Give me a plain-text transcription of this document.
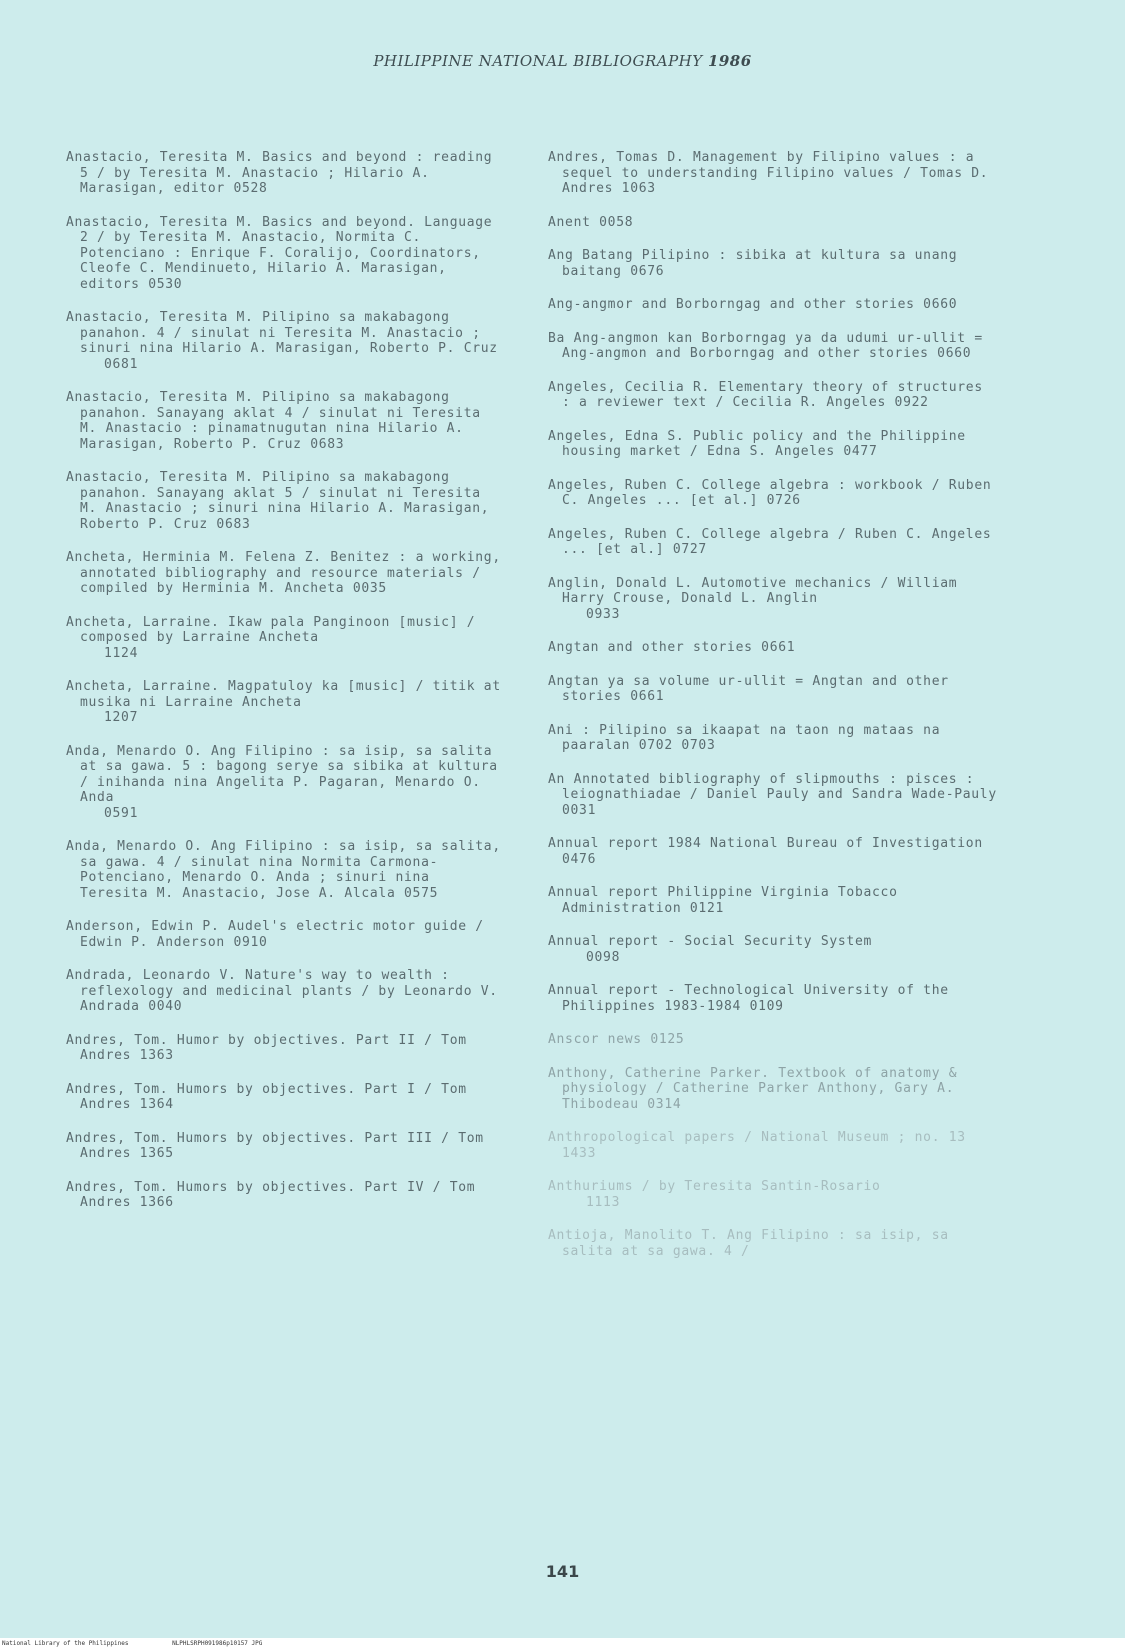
PHILIPPINE NATIONAL BIBLIOGRAPHY 1986
Anastacio, Teresita M. Basics and beyond : reading 5 / by Teresita M. Anastacio ; Hilario A. Marasigan, editor 0528
Anastacio, Teresita M. Basics and beyond. Language 2 / by Teresita M. Anastacio, Normita C. Potenciano : Enrique F. Coralijo, Coordinators, Cleofe C. Mendinueto, Hilario A. Marasigan, editors 0530
Anastacio, Teresita M. Pilipino sa makabagong panahon. 4 / sinulat ni Teresita M. Anastacio ; sinuri nina Hilario A. Marasigan, Roberto P. Cruz
0681
Anastacio, Teresita M. Pilipino sa makabagong panahon. Sanayang aklat 4 / sinulat ni Teresita M. Anastacio : pinamatnugutan nina Hilario A. Marasigan, Roberto P. Cruz 0683
Anastacio, Teresita M. Pilipino sa makabagong panahon. Sanayang aklat 5 / sinulat ni Teresita M. Anastacio ; sinuri nina Hilario A. Marasigan, Roberto P. Cruz 0683
Ancheta, Herminia M. Felena Z. Benitez : a working, annotated bibliography and resource materials / compiled by Herminia M. Ancheta 0035
Ancheta, Larraine. Ikaw pala Panginoon [music] / composed by Larraine Ancheta
1124
Ancheta, Larraine. Magpatuloy ka [music] / titik at musika ni Larraine Ancheta
1207
Anda, Menardo O. Ang Filipino : sa isip, sa salita at sa gawa. 5 : bagong serye sa sibika at kultura / inihanda nina Angelita P. Pagaran, Menardo O. Anda
0591
Anda, Menardo O. Ang Filipino : sa isip, sa salita, sa gawa. 4 / sinulat nina Normita Carmona-Potenciano, Menardo O. Anda ; sinuri nina Teresita M. Anastacio, Jose A. Alcala 0575
Anderson, Edwin P. Audel's electric motor guide / Edwin P. Anderson 0910
Andrada, Leonardo V. Nature's way to wealth : reflexology and medicinal plants / by Leonardo V. Andrada 0040
Andres, Tom. Humor by objectives. Part II / Tom Andres 1363
Andres, Tom. Humors by objectives. Part I / Tom Andres 1364
Andres, Tom. Humors by objectives. Part III / Tom Andres 1365
Andres, Tom. Humors by objectives. Part IV / Tom Andres 1366
Andres, Tomas D. Management by Filipino values : a sequel to understanding Filipino values / Tomas D. Andres 1063
Anent 0058
Ang Batang Pilipino : sibika at kultura sa unang baitang 0676
Ang-angmor and Borborngag and other stories 0660
Ba Ang-angmon kan Borborngag ya da udumi ur-ullit = Ang-angmon and Borborngag and other stories 0660
Angeles, Cecilia R. Elementary theory of structures : a reviewer text / Cecilia R. Angeles 0922
Angeles, Edna S. Public policy and the Philippine housing market / Edna S. Angeles 0477
Angeles, Ruben C. College algebra : workbook / Ruben C. Angeles ... [et al.] 0726
Angeles, Ruben C. College algebra / Ruben C. Angeles ... [et al.] 0727
Anglin, Donald L. Automotive mechanics / William Harry Crouse, Donald L. Anglin
0933
Angtan and other stories 0661
Angtan ya sa volume ur-ullit = Angtan and other stories 0661
Ani : Pilipino sa ikaapat na taon ng mataas na paaralan 0702 0703
An Annotated bibliography of slipmouths : pisces : leiognathiadae / Daniel Pauly and Sandra Wade-Pauly 0031
Annual report 1984 National Bureau of Investigation 0476
Annual report Philippine Virginia Tobacco Administration 0121
Annual report - Social Security System
0098
Annual report - Technological University of the Philippines 1983-1984 0109
Anscor news 0125
Anthony, Catherine Parker. Textbook of anatomy & physiology / Catherine Parker Anthony, Gary A. Thibodeau 0314
Anthropological papers / National Museum ; no. 13 1433
Anthuriums / by Teresita Santin-Rosario
1113
Antioja, Manolito T. Ang Filipino : sa isip, sa salita at sa gawa. 4 /
141
National Library of the Philippines	NLPHLSRPH091986p10157 JPG
